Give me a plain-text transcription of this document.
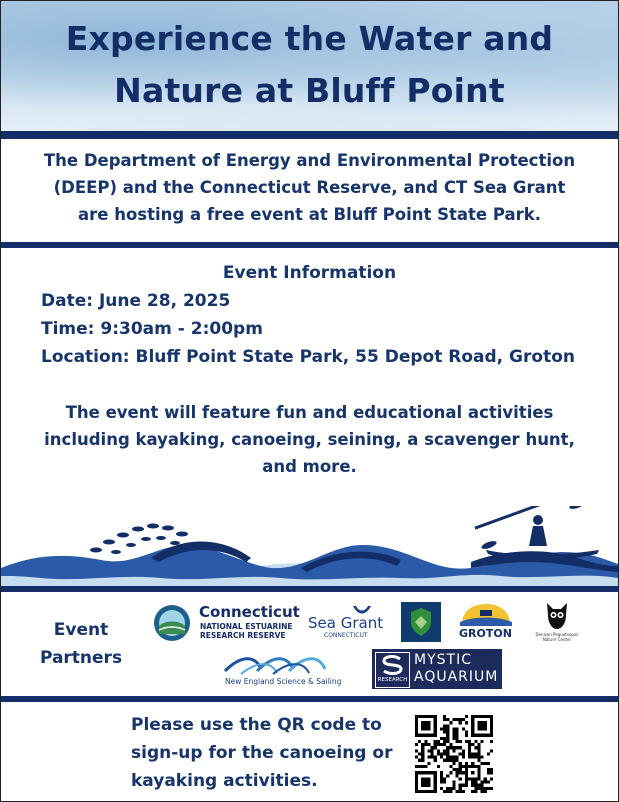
Experience the Water and
Nature at Bluff Point
The Department of Energy and Environmental Protection
(DEEP) and the Connecticut Reserve, and CT Sea Grant
are hosting a free event at Bluff Point State Park.
Event Information
Date: June 28, 2025
Time: 9:30am - 2:00pm
Location: Bluff Point State Park, 55 Depot Road, Groton
The event will feature fun and educational activities
including kayaking, canoeing, seining, a scavenger hunt,
and more.
Event
Partners
Connecticut
NATIONAL ESTUARINE
RESEARCH RESERVE
Sea Grant
CONNECTICUT	GROTON	Denison Pequotsepos Nature Center
New England Science & Sailing	RESEARCH
MYSTIC
AQUARIUM
Please use the QR code to
sign-up for the canoeing or
kayaking activities.
